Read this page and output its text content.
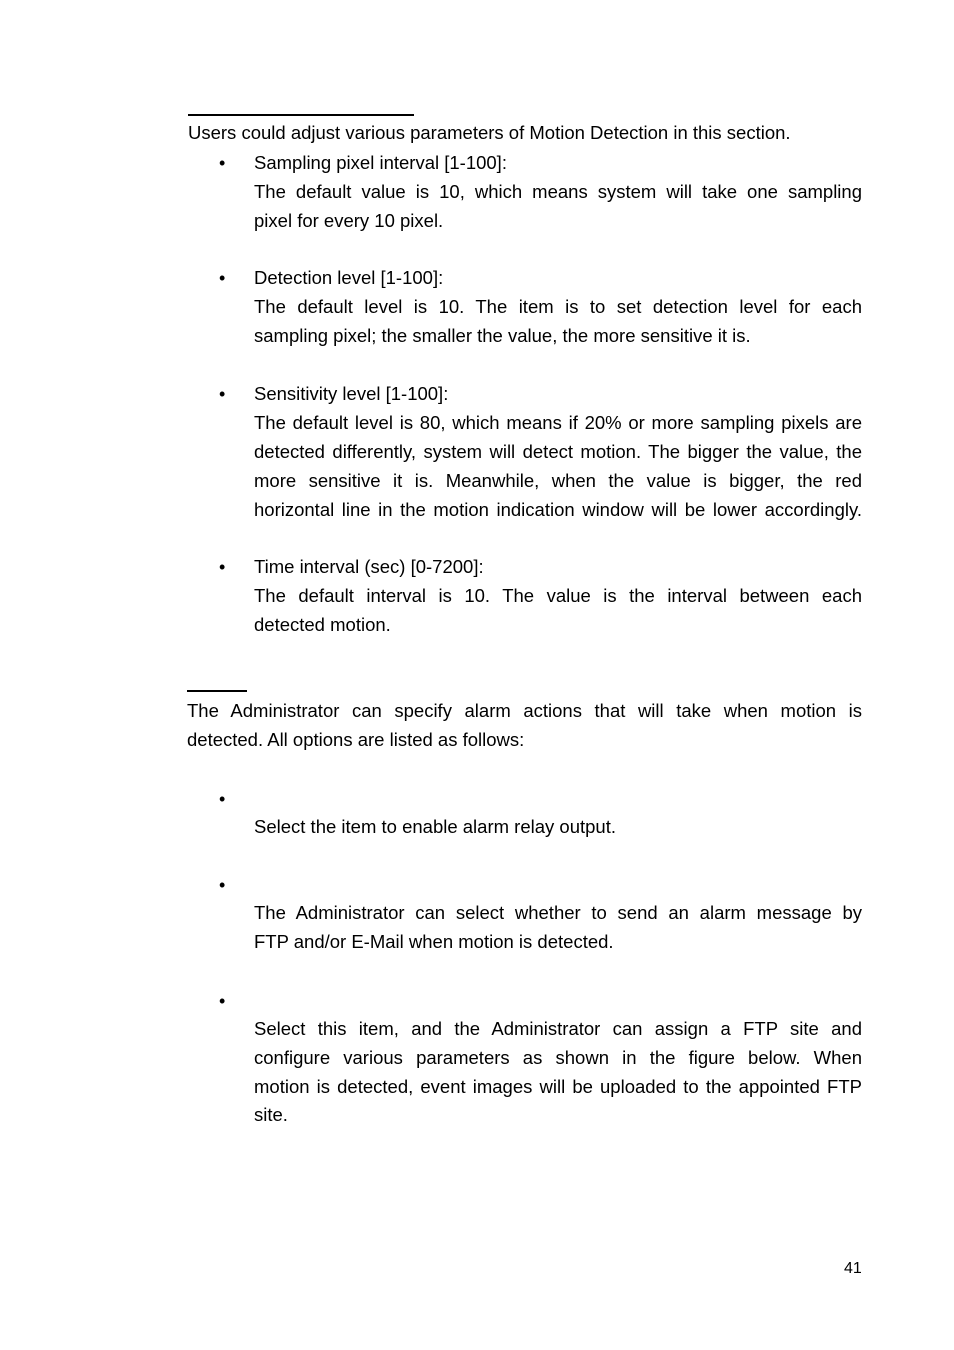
Users could adjust various parameters of Motion Detection in this section.
• Sampling pixel interval [1-100]:
The default value is 10, which means system will take one sampling
pixel for every 10 pixel.
• Detection level [1-100]:
The default level is 10. The item is to set detection level for each
sampling pixel; the smaller the value, the more sensitive it is.
• Sensitivity level [1-100]:
The default level is 80, which means if 20% or more sampling pixels are
detected differently, system will detect motion. The bigger the value, the
more sensitive it is. Meanwhile, when the value is bigger, the red
horizontal line in the motion indication window will be lower accordingly.
• Time interval (sec) [0-7200]:
The default interval is 10. The value is the interval between each
detected motion.
The Administrator can specify alarm actions that will take when motion is
detected. All options are listed as follows:
•
Select the item to enable alarm relay output.
•
The Administrator can select whether to send an alarm message by
FTP and/or E-Mail when motion is detected.
•
Select this item, and the Administrator can assign a FTP site and
configure various parameters as shown in the figure below. When
motion is detected, event images will be uploaded to the appointed FTP
site.
41
